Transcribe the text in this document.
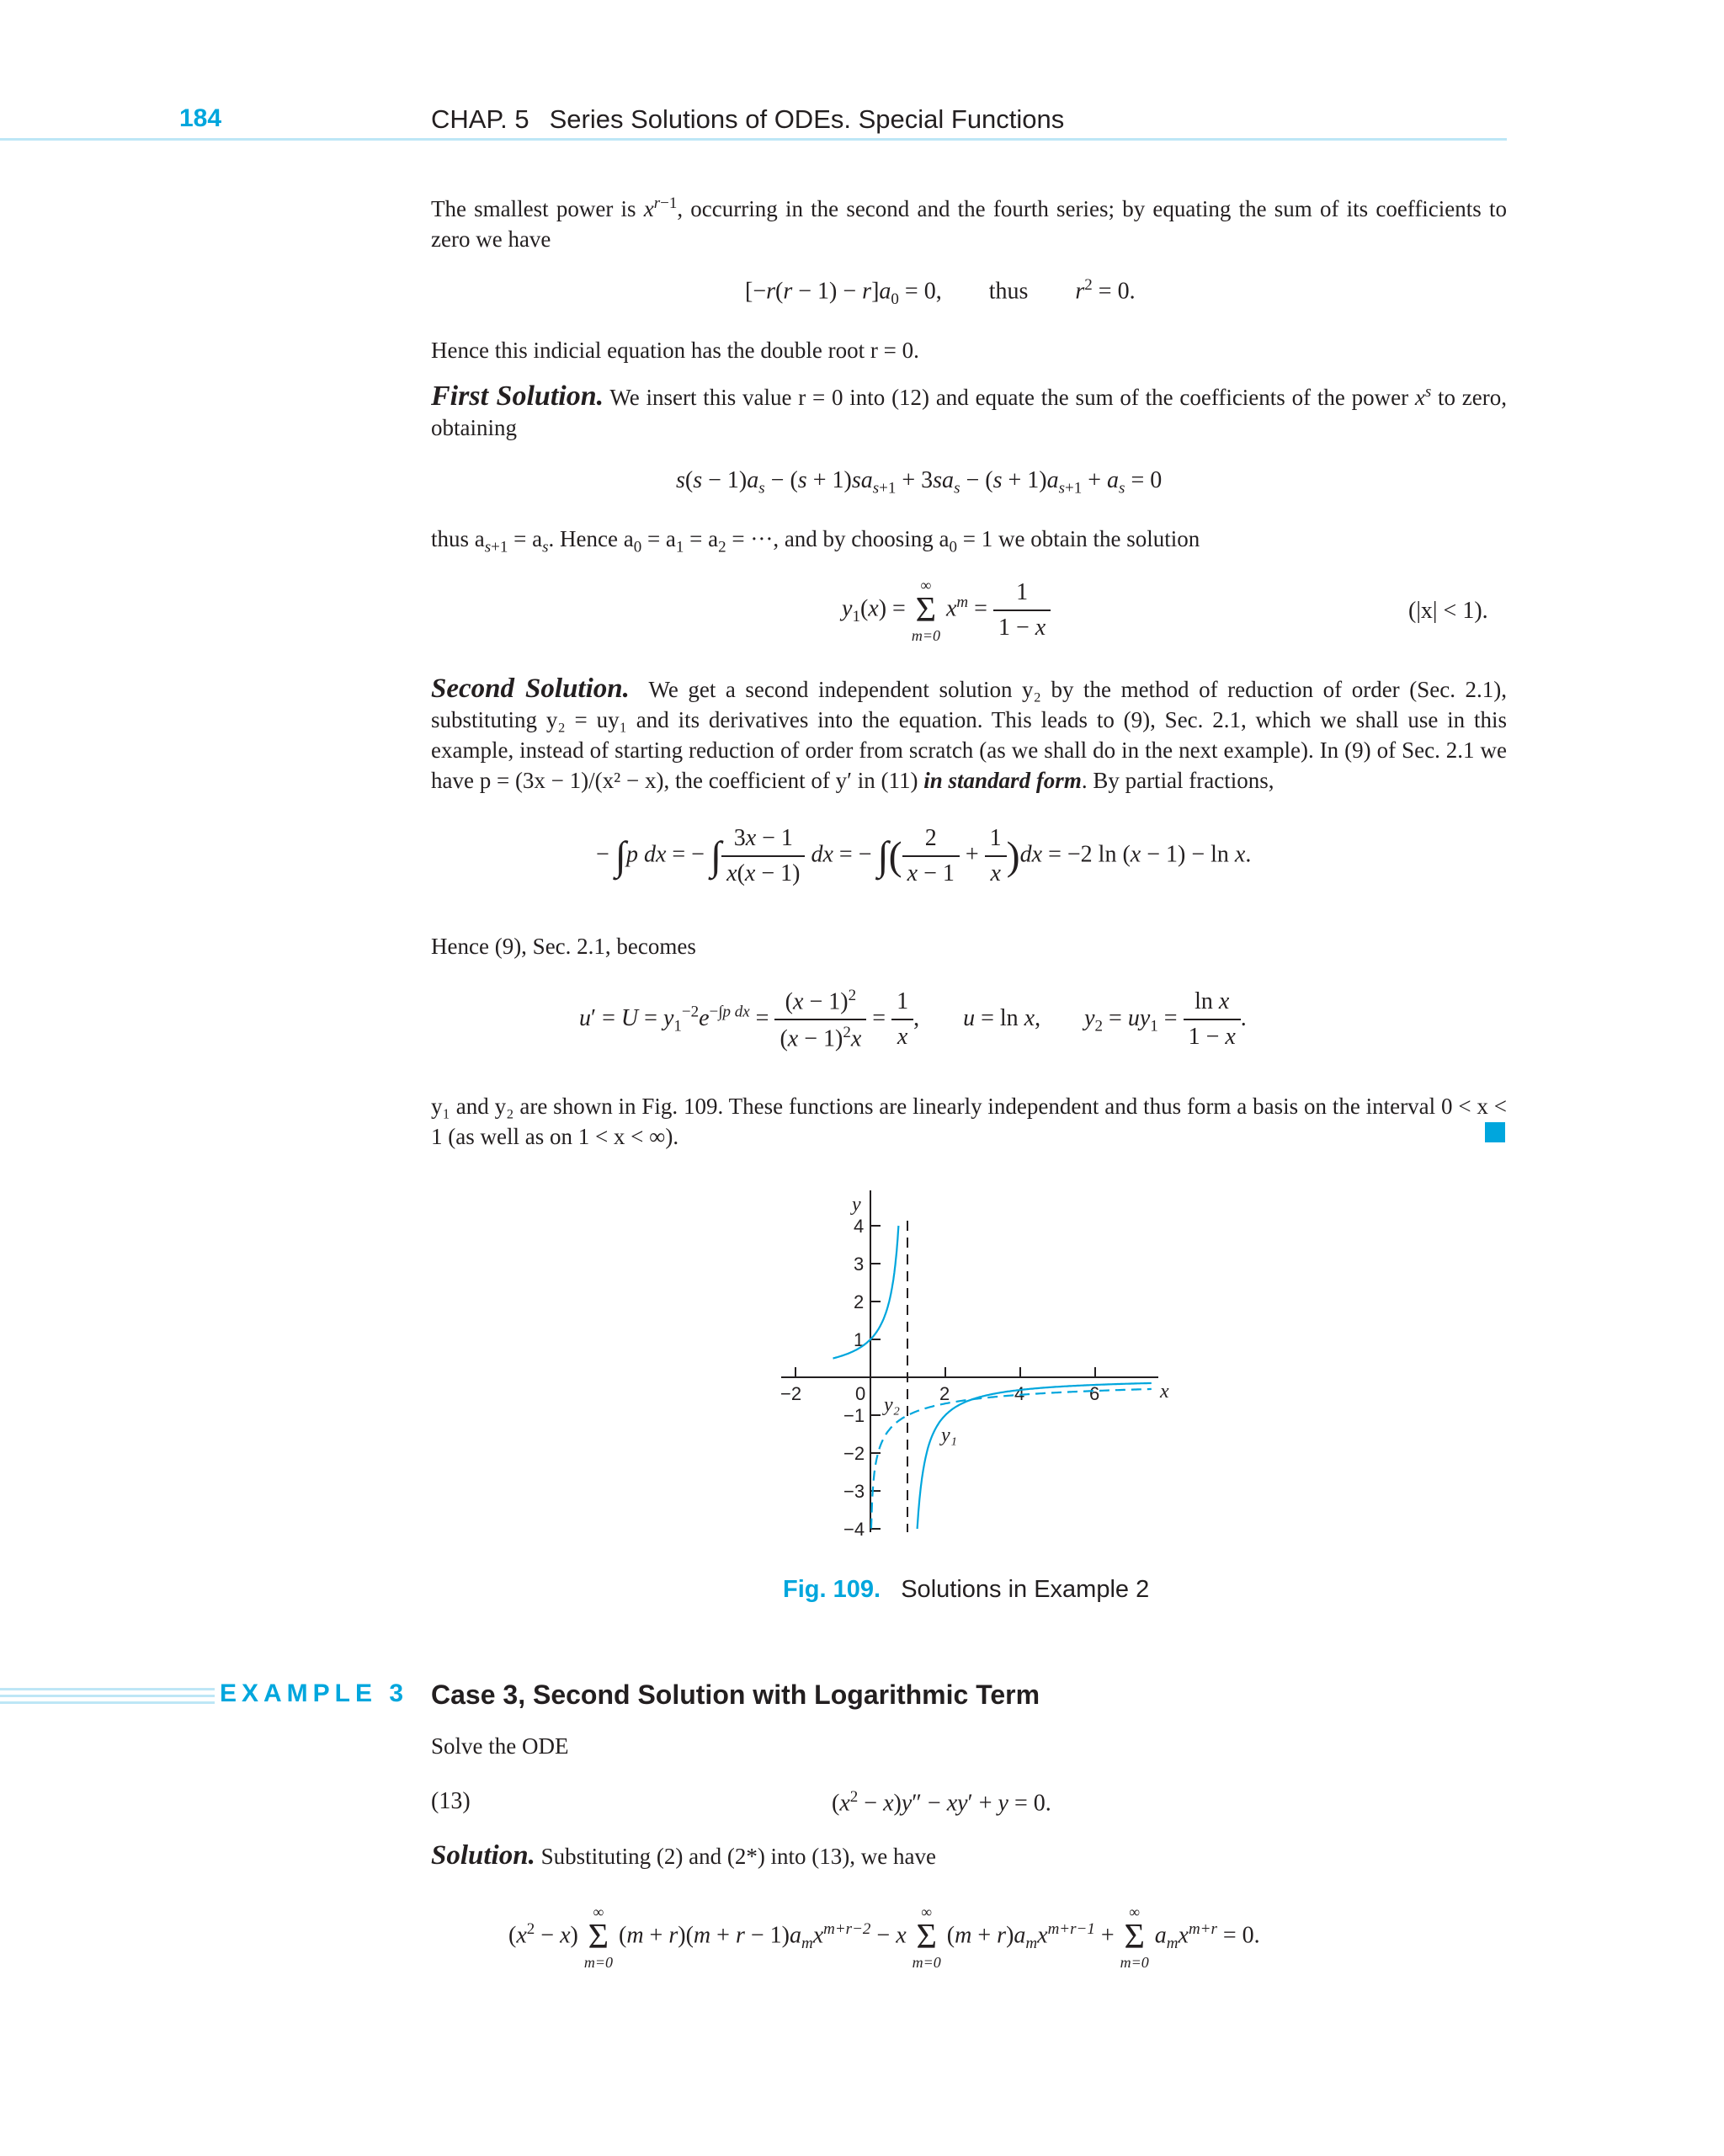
184	CHAP. 5 Series Solutions of ODEs. Special Functions
The smallest power is $x^{r-1}$, occurring in the second and the fourth series; by equating the sum of its coefficients to zero we have
$[-r(r - 1) - r]a_0 = 0$, thus $r^2 = 0$.
Hence this indicial equation has the double root r = 0.
First Solution. We insert this value r = 0 into (12) and equate the sum of the coefficients of the power $x^s$ to zero, obtaining
$s(s - 1)a_s - (s + 1)sa_{s+1} + 3sa_s - (s + 1)a_{s+1} + a_s = 0$
thus $a_{s+1} = a_s$. Hence $a_0 = a_1 = a_2$ = ···, and by choosing $a_0 = 1$ we obtain the solution
$y_1(x)$ =
∞
Σ
m=0
$x^m = \frac{1}{1 - x}$	(|x| < 1).
Second Solution. We get a second independent solution y₂ by the method of reduction of order (Sec. 2.1), substituting y₂ = uy₁ and its derivatives into the equation. This leads to (9), Sec. 2.1, which we shall use in this example, instead of starting reduction of order from scratch (as we shall do in the next example). In (9) of Sec. 2.1 we have p = (3x − 1)/(x² − x), the coefficient of y′ in (11) in standard form. By partial fractions,
− ∫p dx = − ∫ $\frac{3x - 1}{x(x - 1)}$ dx = − ∫( $\frac{2}{x - 1} + \frac{1}{x} )dx = -2$ ln (x − 1) − ln x.
Hence (9), Sec. 2.1, becomes
$u' = U = y_1^{-2}e^{-\int p dx} = \frac{(x - 1)^2}{(x - 1)^2x} = \frac{1}{x}$ , u = ln x, $y_2 = uy_1 = \frac{\text{ln x}}{1 - x}$ .
y₁ and y₂ are shown in Fig. 109. These functions are linearly independent and thus form a basis on the interval 0 < x < 1 (as well as on 1 < x < ∞).
−2	0	2	4	6
4
3
2
1
−1
−2
−3
−4
x
y
y₂
y₁
Fig. 109. Solutions in Example 2
EXAMPLE 3 Case 3, Second Solution with Logarithmic Term
Solve the ODE
(13)	$(x^2 - x)y'' - xy' + y = 0$.
Solution. Substituting (2) and (2*) into (13), we have
$(x^2 - x)$
∞
Σ
m=0
$(m + r)(m + r - 1)a_mx^{m+r-2} - x$
∞
Σ
m=0
$(m + r)a_mx^{m+r-1}$ +
∞
Σ
m=0
$a_mx^{m+r} = 0$.
